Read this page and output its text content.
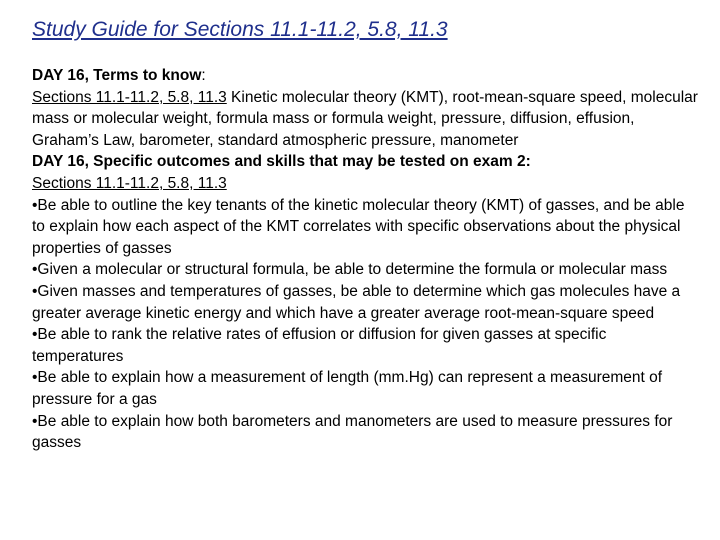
Study Guide for Sections 11.1-11.2, 5.8, 11.3

DAY 16, Terms to know:

Sections 11.1-11.2, 5.8, 11.3 Kinetic molecular theory (KMT), root-mean-square speed, molecular mass or molecular weight, formula mass or formula weight, pressure, diffusion, effusion, Graham’s Law, barometer, standard atmospheric pressure, manometer

DAY 16, Specific outcomes and skills that may be tested on exam 2:

Sections 11.1-11.2, 5.8, 11.3

•Be able to outline the key tenants of the kinetic molecular theory (KMT) of gasses, and be able to explain how each aspect of the KMT correlates with specific observations about the physical properties of gasses

•Given a molecular or structural formula, be able to determine the formula or molecular mass

•Given masses and temperatures of gasses, be able to determine which gas molecules have a greater average kinetic energy and which have a greater average root-mean-square speed

•Be able to rank the relative rates of effusion or diffusion for given gasses at specific temperatures

•Be able to explain how a measurement of length (mm.Hg) can represent a measurement of pressure for a gas

•Be able to explain how both barometers and manometers are used to measure pressures for gasses
